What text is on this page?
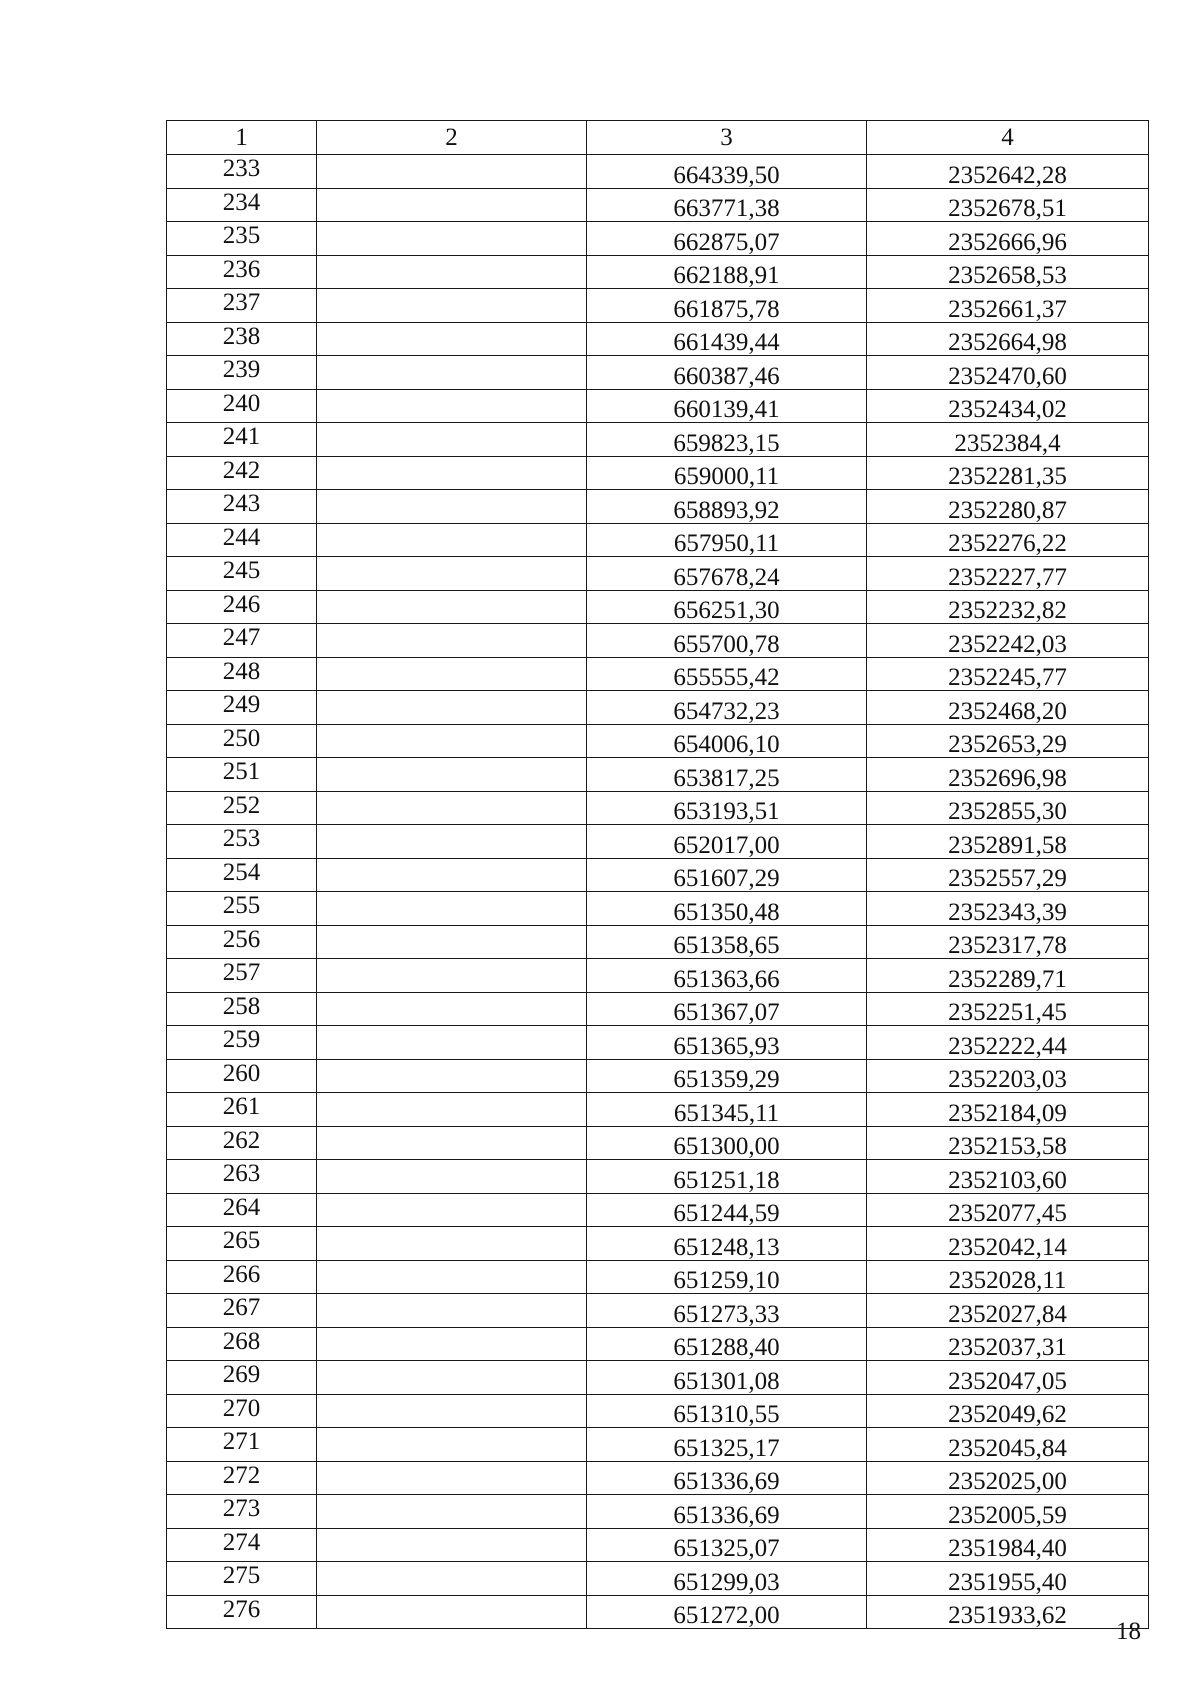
1	2	3	4
233		664339,50	2352642,28
234		663771,38	2352678,51
235		662875,07	2352666,96
236		662188,91	2352658,53
237		661875,78	2352661,37
238		661439,44	2352664,98
239		660387,46	2352470,60
240		660139,41	2352434,02
241		659823,15	2352384,4
242		659000,11	2352281,35
243		658893,92	2352280,87
244		657950,11	2352276,22
245		657678,24	2352227,77
246		656251,30	2352232,82
247		655700,78	2352242,03
248		655555,42	2352245,77
249		654732,23	2352468,20
250		654006,10	2352653,29
251		653817,25	2352696,98
252		653193,51	2352855,30
253		652017,00	2352891,58
254		651607,29	2352557,29
255		651350,48	2352343,39
256		651358,65	2352317,78
257		651363,66	2352289,71
258		651367,07	2352251,45
259		651365,93	2352222,44
260		651359,29	2352203,03
261		651345,11	2352184,09
262		651300,00	2352153,58
263		651251,18	2352103,60
264		651244,59	2352077,45
265		651248,13	2352042,14
266		651259,10	2352028,11
267		651273,33	2352027,84
268		651288,40	2352037,31
269		651301,08	2352047,05
270		651310,55	2352049,62
271		651325,17	2352045,84
272		651336,69	2352025,00
273		651336,69	2352005,59
274		651325,07	2351984,40
275		651299,03	2351955,40
276		651272,00	2351933,62
18
